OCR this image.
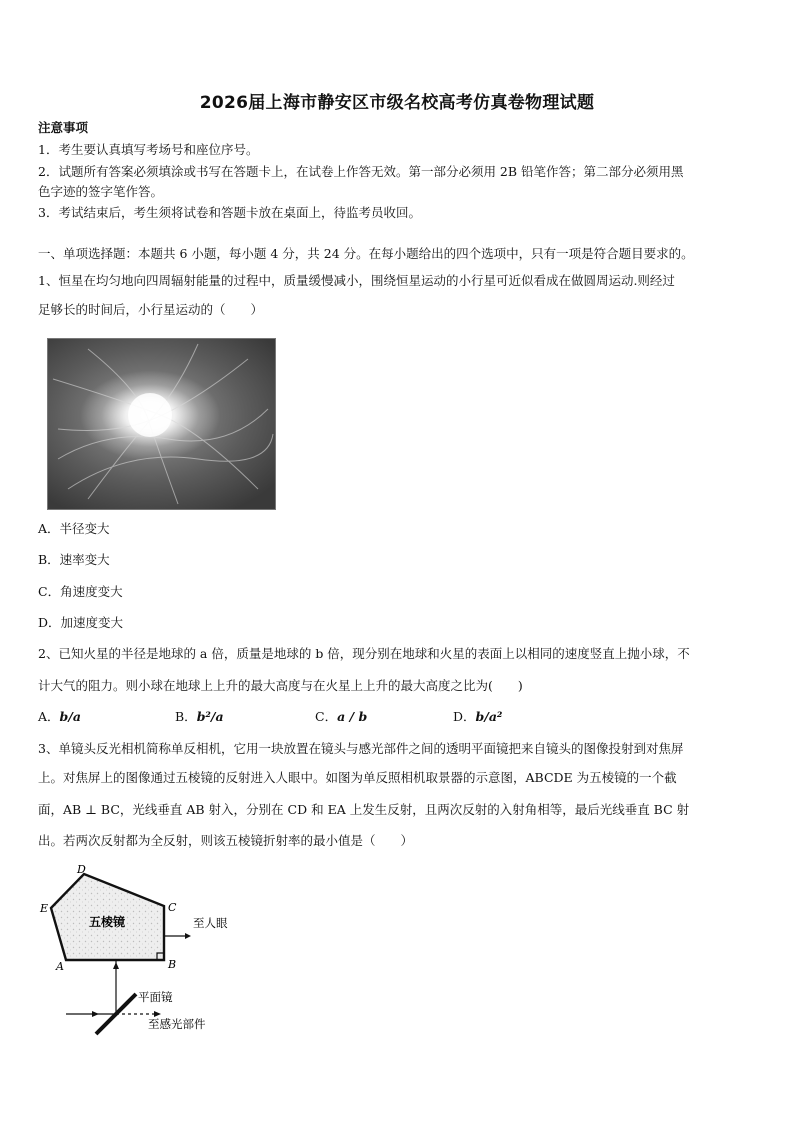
2026届上海市静安区市级名校高考仿真卷物理试题
注意事项
1．考生要认真填写考场号和座位序号。
2．试题所有答案必须填涂或书写在答题卡上，在试卷上作答无效。第一部分必须用 2B 铅笔作答；第二部分必须用黑
色字迹的签字笔作答。
3．考试结束后，考生须将试卷和答题卡放在桌面上，待监考员收回。
一、单项选择题：本题共 6 小题，每小题 4 分，共 24 分。在每小题给出的四个选项中，只有一项是符合题目要求的。
1、恒星在均匀地向四周辐射能量的过程中，质量缓慢减小，围绕恒星运动的小行星可近似看成在做圆周运动.则经过
足够长的时间后，小行星运动的（　　）
A．半径变大
B．速率变大
C．角速度变大
D．加速度变大
2、已知火星的半径是地球的 a 倍，质量是地球的 b 倍，现分别在地球和火星的表面上以相同的速度竖直上抛小球，不
计大气的阻力。则小球在地球上上升的最大高度与在火星上上升的最大高度之比为(　　)
A．b/a	B．b²/a	C．a / b	D．b/a²
3、单镜头反光相机简称单反相机，它用一块放置在镜头与感光部件之间的透明平面镜把来自镜头的图像投射到对焦屏
上。对焦屏上的图像通过五棱镜的反射进入人眼中。如图为单反照相机取景器的示意图，ABCDE 为五棱镜的一个截
面，AB ⊥ BC，光线垂直 AB 射入，分别在 CD 和 EA 上发生反射，且两次反射的入射角相等，最后光线垂直 BC 射
出。若两次反射都为全反射，则该五棱镜折射率的最小值是（　　）
五棱镜
D
E	C
A	B
至人眼
平面镜
至感光部件
